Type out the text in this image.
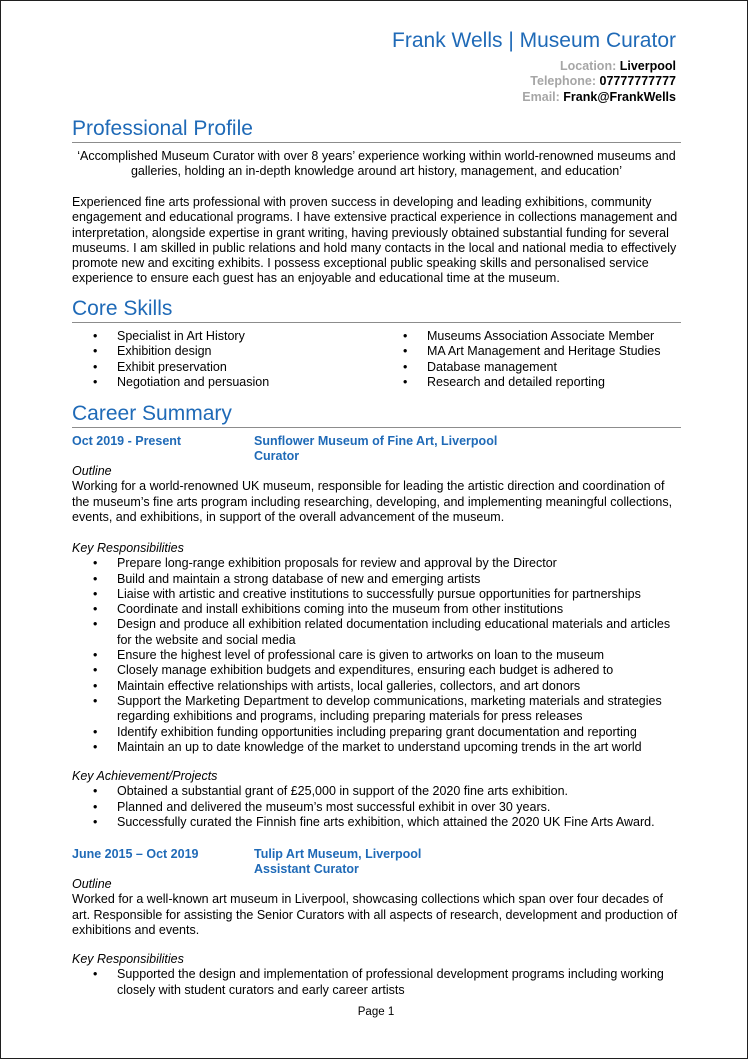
Frank Wells | Museum Curator
Location: Liverpool
Telephone: 07777777777
Email: Frank@FrankWells
Professional Profile

‘Accomplished Museum Curator with over 8 years’ experience working within world-renowned museums and galleries, holding an in-depth knowledge around art history, management, and education’

Experienced fine arts professional with proven success in developing and leading exhibitions, community engagement and educational programs. I have extensive practical experience in collections management and interpretation, alongside expertise in grant writing, having previously obtained substantial funding for several museums. I am skilled in public relations and hold many contacts in the local and national media to effectively promote new and exciting exhibits. I possess exceptional public speaking skills and personalised service experience to ensure each guest has an enjoyable and educational time at the museum.

Core Skills
• Specialist in Art History
• Exhibition design
• Exhibit preservation
• Negotiation and persuasion
• Museums Association Associate Member
• MA Art Management and Heritage Studies
• Database management
• Research and detailed reporting
Career Summary
Oct 2019 - Present	Sunflower Museum of Fine Art, Liverpool
Curator
Outline

Working for a world-renowned UK museum, responsible for leading the artistic direction and coordination of the museum’s fine arts program including researching, developing, and implementing meaningful collections, events, and exhibitions, in support of the overall advancement of the museum.

Key Responsibilities
• Prepare long-range exhibition proposals for review and approval by the Director
• Build and maintain a strong database of new and emerging artists
• Liaise with artistic and creative institutions to successfully pursue opportunities for partnerships
• Coordinate and install exhibitions coming into the museum from other institutions
• Design and produce all exhibition related documentation including educational materials and articles for the website and social media
• Ensure the highest level of professional care is given to artworks on loan to the museum
• Closely manage exhibition budgets and expenditures, ensuring each budget is adhered to
• Maintain effective relationships with artists, local galleries, collectors, and art donors
• Support the Marketing Department to develop communications, marketing materials and strategies regarding exhibitions and programs, including preparing materials for press releases
• Identify exhibition funding opportunities including preparing grant documentation and reporting
• Maintain an up to date knowledge of the market to understand upcoming trends in the art world
Key Achievement/Projects
• Obtained a substantial grant of £25,000 in support of the 2020 fine arts exhibition.
• Planned and delivered the museum’s most successful exhibit in over 30 years.
• Successfully curated the Finnish fine arts exhibition, which attained the 2020 UK Fine Arts Award.
June 2015 – Oct 2019	Tulip Art Museum, Liverpool
Assistant Curator
Outline

Worked for a well-known art museum in Liverpool, showcasing collections which span over four decades of art. Responsible for assisting the Senior Curators with all aspects of research, development and production of exhibitions and events.

Key Responsibilities
• Supported the design and implementation of professional development programs including working closely with student curators and early career artists
Page 1
